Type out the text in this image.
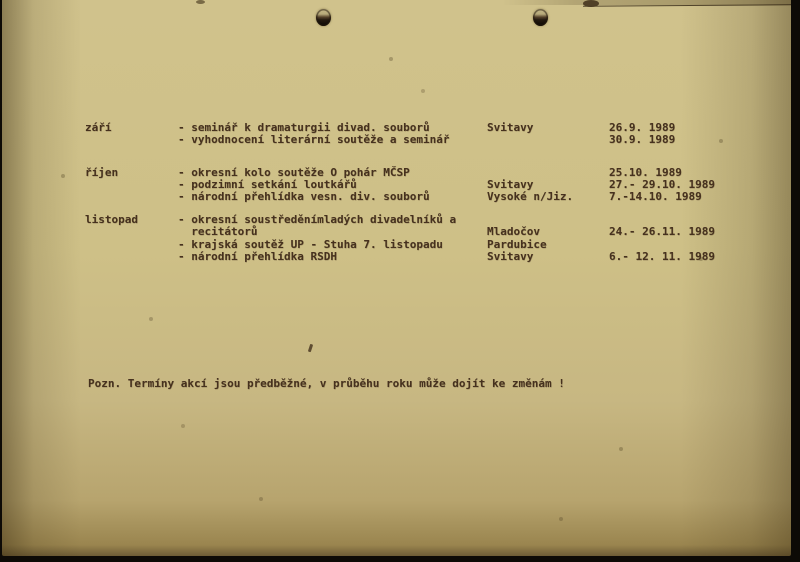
září	- seminář k dramaturgii divad. souborů	Svitavy	26.9. 1989
- vyhodnocení literární soutěže a seminář	30.9. 1989
říjen	- okresní kolo soutěže O pohár MČSP	25.10. 1989
- podzimní setkání loutkářů	Svitavy	27.- 29.10. 1989
- národní přehlídka vesn. div. souborů	Vysoké n/Jiz.	7.-14.10. 1989
listopad	- okresní soustředěnímladých divadelníků a
recitátorů	Mladočov	24.- 26.11. 1989
- krajská soutěž UP - Stuha 7. listopadu	Pardubice
- národní přehlídka RSDH	Svitavy	6.- 12. 11. 1989
Pozn. Termíny akcí jsou předběžné, v průběhu roku může dojít ke změnám !
